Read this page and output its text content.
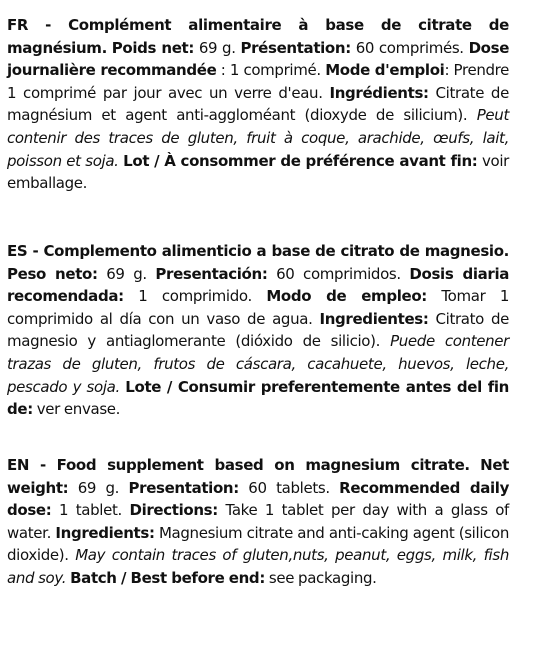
FR - Complément alimentaire à base de citrate de magnésium. Poids net: 69 g. Présentation: 60 comprimés. Dose journalière recommandée : 1 comprimé. Mode d'emploi: Prendre 1 comprimé par jour avec un verre d'eau. Ingrédients: Citrate de magnésium et agent anti-aggloméant (dioxyde de silicium). Peut contenir des traces de gluten, fruit à coque, arachide, œufs, lait, poisson et soja. Lot / À consommer de préférence avant fin: voir emballage.

ES - Complemento alimenticio a base de citrato de magnesio. Peso neto: 69 g. Presentación: 60 comprimidos. Dosis diaria recomendada: 1 comprimido. Modo de empleo: Tomar 1 comprimido al día con un vaso de agua. Ingredientes: Citrato de magnesio y antiaglomerante (dióxido de silicio). Puede contener trazas de gluten, frutos de cáscara, cacahuete, huevos, leche, pescado y soja. Lote / Consumir preferentemente antes del fin de: ver envase.

EN - Food supplement based on magnesium citrate. Net weight: 69 g. Presentation: 60 tablets. Recommended daily dose: 1 tablet. Directions: Take 1 tablet per day with a glass of water. Ingredients: Magnesium citrate and anti-caking agent (silicon dioxide). May contain traces of gluten,nuts, peanut, eggs, milk, fish and soy. Batch / Best before end: see packaging.
